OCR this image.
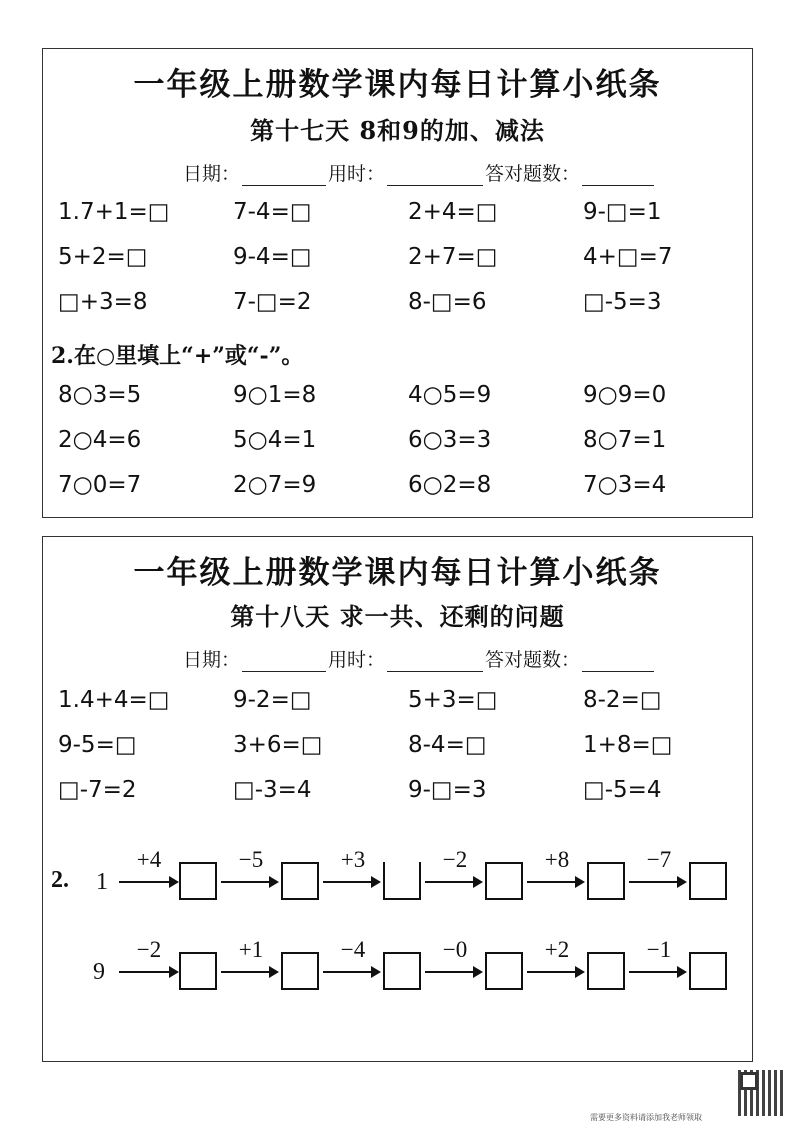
一年级上册数学课内每日计算小纸条
第十七天 8和9的加、减法
日期：	用时：	答对题数：
1.7+1=□	7-4=□	2+4=□	9-□=1
5+2=□	9-4=□	2+7=□	4+□=7
□+3=8	7-□=2	8-□=6	□-5=3
2.在○里填上“+”或“-”。
8○3=5	9○1=8	4○5=9	9○9=0
2○4=6	5○4=1	6○3=3	8○7=1
7○0=7	2○7=9	6○2=8	7○3=4
一年级上册数学课内每日计算小纸条
第十八天 求一共、还剩的问题
日期：	用时：	答对题数：
1.4+4=□	9-2=□	5+3=□	8-2=□
9-5=□	3+6=□	8-4=□	1+8=□
□-7=2	□-3=4	9-□=3	□-5=4
2. 1
+4	−5	+3	−2	+8	−7
9
−2	+1	−4	−0	+2	−1
需要更多资料请添加我老师领取
